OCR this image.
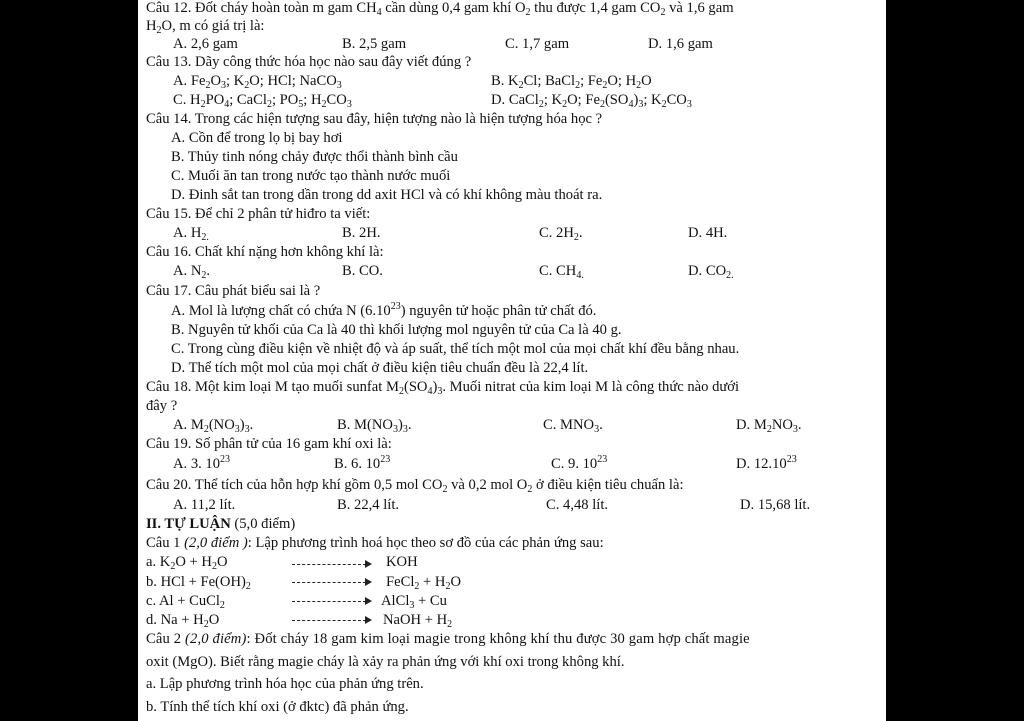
Câu 12. Đốt cháy hoàn toàn m gam $CH_4$ cần dùng 0,4 gam khí $O_2$ thu được 1,4 gam $CO_2$ và 1,6 gam
$H_2O$, m có giá trị là:
A. 2,6 gam	B. 2,5 gam	C. 1,7 gam	D. 1,6 gam
Câu 13. Dãy công thức hóa học nào sau đây viết đúng ?
A. $Fe_2O_3$; $K_2O$; HCl; NaCO$_3$	B. $K_2Cl$; BaCl$_2$; $Fe_2O$; $H_2O$
C. $H_2PO_4$; CaCl$_2$; $PO_5$; $H_2CO_3$	D. CaCl$_2$; $K_2O$; $Fe_2(SO_4)_3$; $K_2CO_3$
Câu 14. Trong các hiện tượng sau đây, hiện tượng nào là hiện tượng hóa học ?
A. Cồn để trong lọ bị bay hơi
B. Thủy tinh nóng chảy được thổi thành bình cầu
C. Muối ăn tan trong nước tạo thành nước muối
D. Đinh sắt tan trong dần trong dd axit HCl và có khí không màu thoát ra.
Câu 15. Để chỉ 2 phân tử hiđro ta viết:
A. $H_{2.}$	B. 2H.	C. $2H_2$.	D. 4H.
Câu 16. Chất khí nặng hơn không khí là:
A. $N_2$.	B. CO.	C. $CH_{4.}$	D. $CO_{2.}$
Câu 17. Câu phát biểu sai là ?
A. Mol là lượng chất có chứa N (6.10$^{23}$) nguyên tử hoặc phân tử chất đó.
B. Nguyên tử khối của Ca là 40 thì khối lượng mol nguyên tử của Ca là 40 g.
C. Trong cùng điều kiện về nhiệt độ và áp suất, thể tích một mol của mọi chất khí đều bằng nhau.
D. Thể tích một mol của mọi chất ở điều kiện tiêu chuẩn đều là 22,4 lít.
Câu 18. Một kim loại M tạo muối sunfat $M_2(SO_4)_3$. Muối nitrat của kim loại M là công thức nào dưới
đây ?
A. $M_2(NO_3)_3$.	B. $M(NO_3)_3$.	C. $MNO_3$.	D. $M_2NO_3$.
Câu 19. Số phân tử của 16 gam khí oxi là:
A. 3. $10^{23}$	B. 6. $10^{23}$	C. 9. $10^{23}$	D. 12.10$^{23}$
Câu 20. Thể tích của hỗn hợp khí gồm 0,5 mol $CO_2$ và 0,2 mol $O_2$ ở điều kiện tiêu chuẩn là:
A. 11,2 lít.	B. 22,4 lít.	C. 4,48 lít.	D. 15,68 lít.
II. TỰ LUẬN (5,0 điểm)
Câu 1 (2,0 điểm ): Lập phương trình hoá học theo sơ đồ của các phản ứng sau:
a. $K_2O + H_2O$	KOH
b. HCl + $Fe(OH)_2$	FeCl$_2$ + $H_2O$
c. Al + CuCl$_2$	AlCl$_3$ + Cu
d. $Na + H_2O$	NaOH + $H_2$
Câu 2 (2,0 điểm): Đốt cháy 18 gam kim loại magie trong không khí thu được 30 gam hợp chất magie
oxit (MgO). Biết rằng magie cháy là xảy ra phản ứng với khí oxi trong không khí.
a. Lập phương trình hóa học của phản ứng trên.
b. Tính thể tích khí oxi (ở đktc) đã phản ứng.
